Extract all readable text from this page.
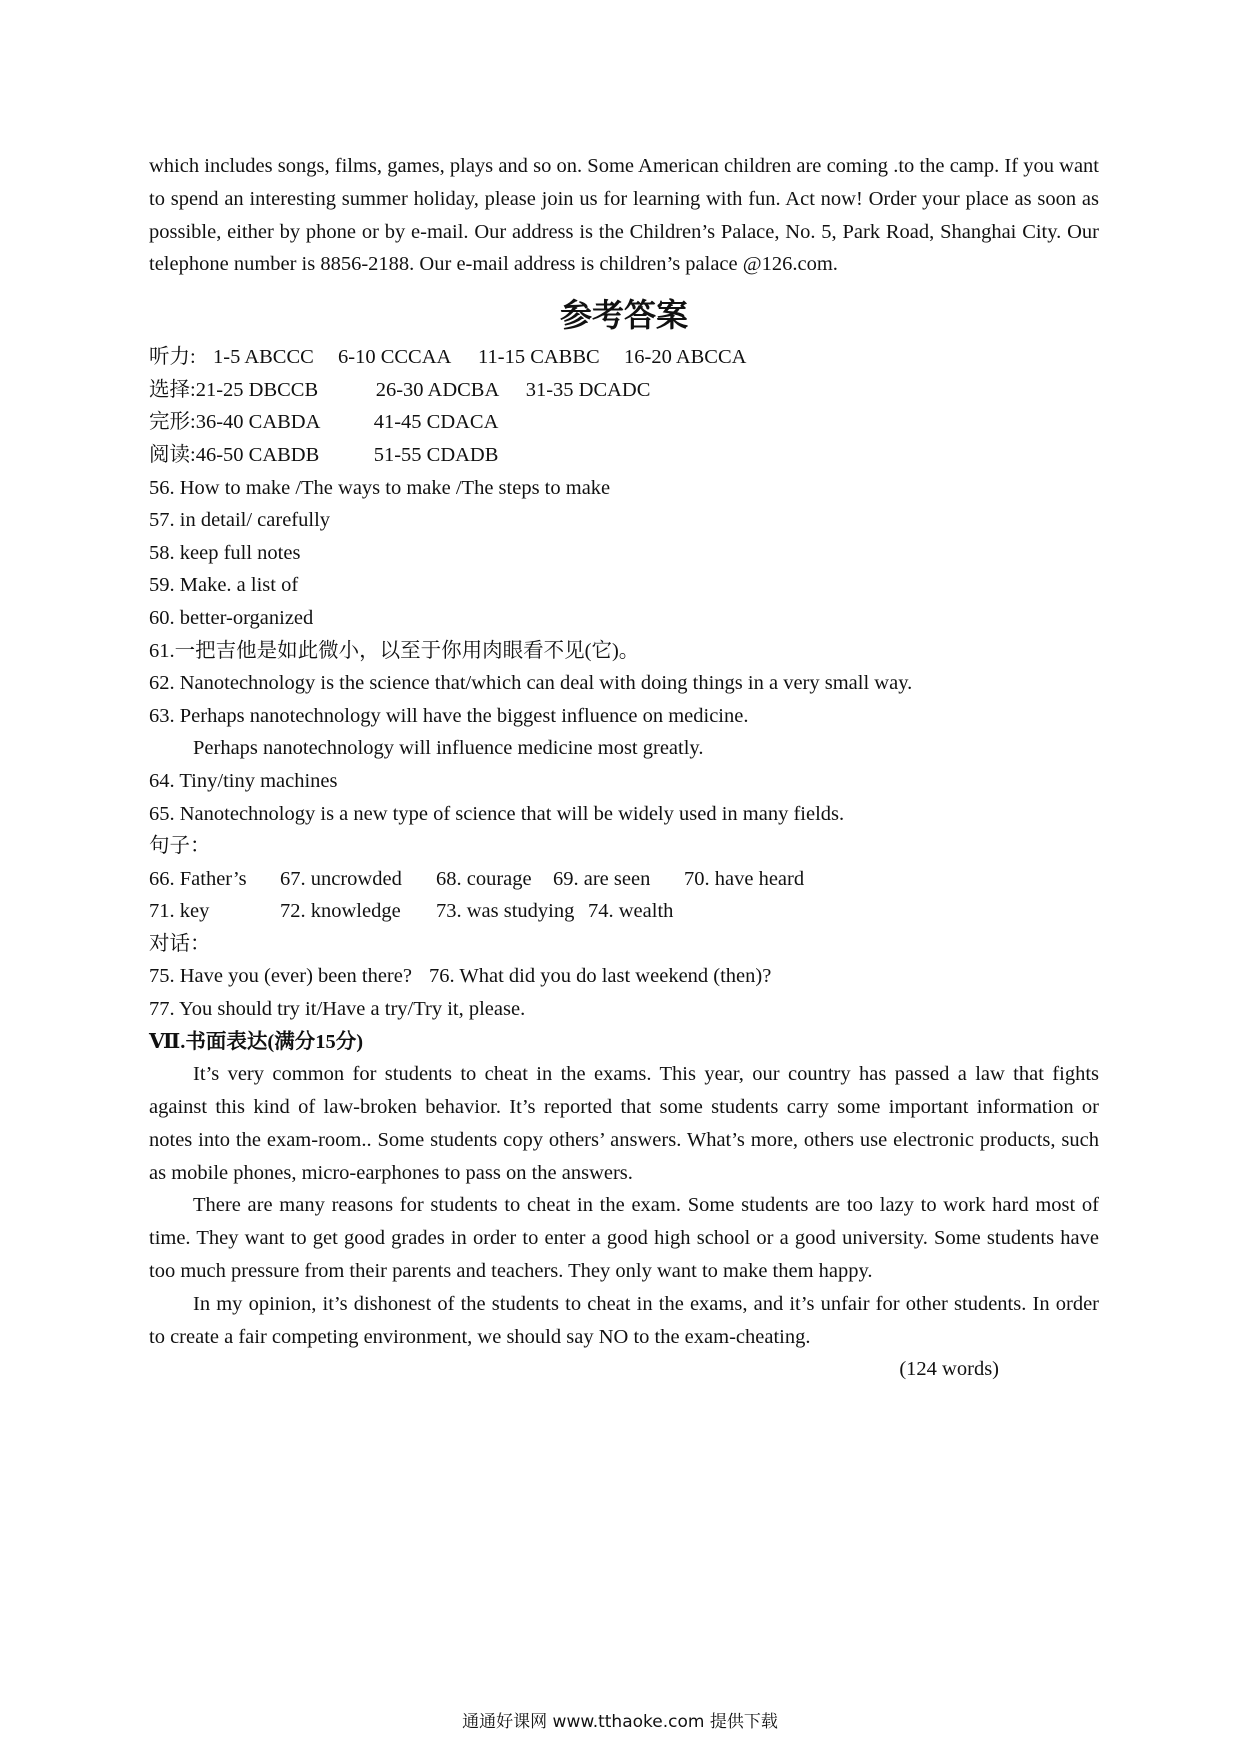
which includes songs, films, games, plays and so on. Some American children are coming .to the camp. If you want to spend an interesting summer holiday, please join us for learning with fun. Act now! Order your place as soon as possible, either by phone or by e-mail. Our address is the Children’s Palace, No. 5, Park Road, Shanghai City. Our telephone number is 8856-2188. Our e-mail address is children’s palace @126.com.

参考答案

听力: 1-5 ABCCC 6-10 CCCAA 11-15 CABBC 16-20 ABCCA

选择:21-25 DBCCB	26-30 ADCBA 31-35 DCADC

完形:36-40 CABDA	41-45 CDACA

阅读:46-50 CABDB	51-55 CDADB

56. How to make /The ways to make /The steps to make

57. in detail/ carefully

58. keep full notes

59. Make. a list of

60. better-organized

61.一把吉他是如此微小，以至于你用肉眼看不见(它)。

62. Nanotechnology is the science that/which can deal with doing things in a very small way.

63. Perhaps nanotechnology will have the biggest influence on medicine.

Perhaps nanotechnology will influence medicine most greatly.

64. Tiny/tiny machines

65. Nanotechnology is a new type of science that will be widely used in many fields.

句子：

66. Father’s 67. uncrowded 68. courage 69. are seen 70. have heard

71. key	72. knowledge 73. was studying 74. wealth

对话：

75. Have you (ever) been there? 76. What did you do last weekend (then)?

77. You should try it/Have a try/Try it, please.

Ⅶ.书面表达(满分15分)

It’s very common for students to cheat in the exams. This year, our country has passed a law that fights against this kind of law-broken behavior. It’s reported that some students carry some important information or notes into the exam-room.. Some students copy others’ answers. What’s more, others use electronic products, such as mobile phones, micro-earphones to pass on the answers.

There are many reasons for students to cheat in the exam. Some students are too lazy to work hard most of time. They want to get good grades in order to enter a good high school or a good university. Some students have too much pressure from their parents and teachers. They only want to make them happy.

In my opinion, it’s dishonest of the students to cheat in the exams, and it’s unfair for other students. In order to create a fair competing environment, we should say NO to the exam-cheating.

(124 words)

通通好课网 www.tthaoke.com 提供下载
